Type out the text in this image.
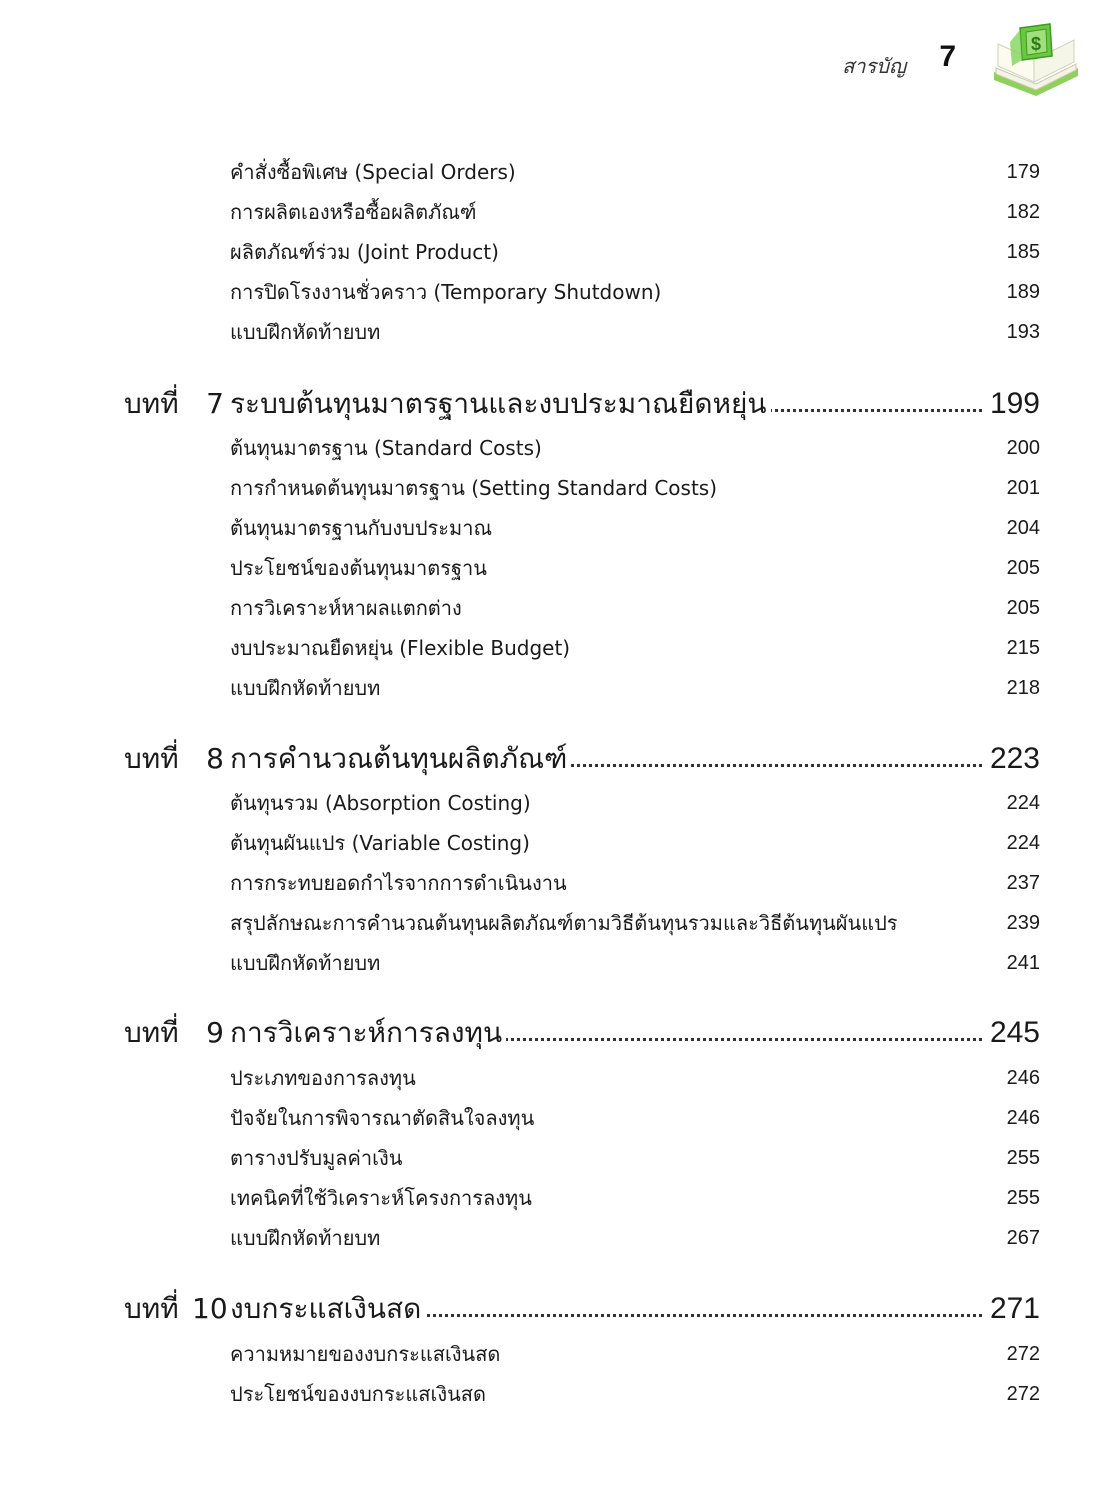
สารบัญ 7	$
คำสั่งซื้อพิเศษ (Special Orders)	179
การผลิตเองหรือซื้อผลิตภัณฑ์	182
ผลิตภัณฑ์ร่วม (Joint Product)	185
การปิดโรงงานชั่วคราว (Temporary Shutdown)	189
แบบฝึกหัดท้ายบท	193
บทที่ 7 ระบบต้นทุนมาตรฐานและงบประมาณยืดหยุ่น	199
ต้นทุนมาตรฐาน (Standard Costs)	200
การกำหนดต้นทุนมาตรฐาน (Setting Standard Costs)	201
ต้นทุนมาตรฐานกับงบประมาณ	204
ประโยชน์ของต้นทุนมาตรฐาน	205
การวิเคราะห์หาผลแตกต่าง	205
งบประมาณยืดหยุ่น (Flexible Budget)	215
แบบฝึกหัดท้ายบท	218
บทที่ 8 การคำนวณต้นทุนผลิตภัณฑ์	223
ต้นทุนรวม (Absorption Costing)	224
ต้นทุนผันแปร (Variable Costing)	224
การกระทบยอดกำไรจากการดำเนินงาน	237
สรุปลักษณะการคำนวณต้นทุนผลิตภัณฑ์ตามวิธีต้นทุนรวมและวิธีต้นทุนผันแปร	239
แบบฝึกหัดท้ายบท	241
บทที่ 9 การวิเคราะห์การลงทุน	245
ประเภทของการลงทุน	246
ปัจจัยในการพิจารณาตัดสินใจลงทุน	246
ตารางปรับมูลค่าเงิน	255
เทคนิคที่ใช้วิเคราะห์โครงการลงทุน	255
แบบฝึกหัดท้ายบท	267
บทที่ 10 งบกระแสเงินสด	271
ความหมายของงบกระแสเงินสด	272
ประโยชน์ของงบกระแสเงินสด	272
